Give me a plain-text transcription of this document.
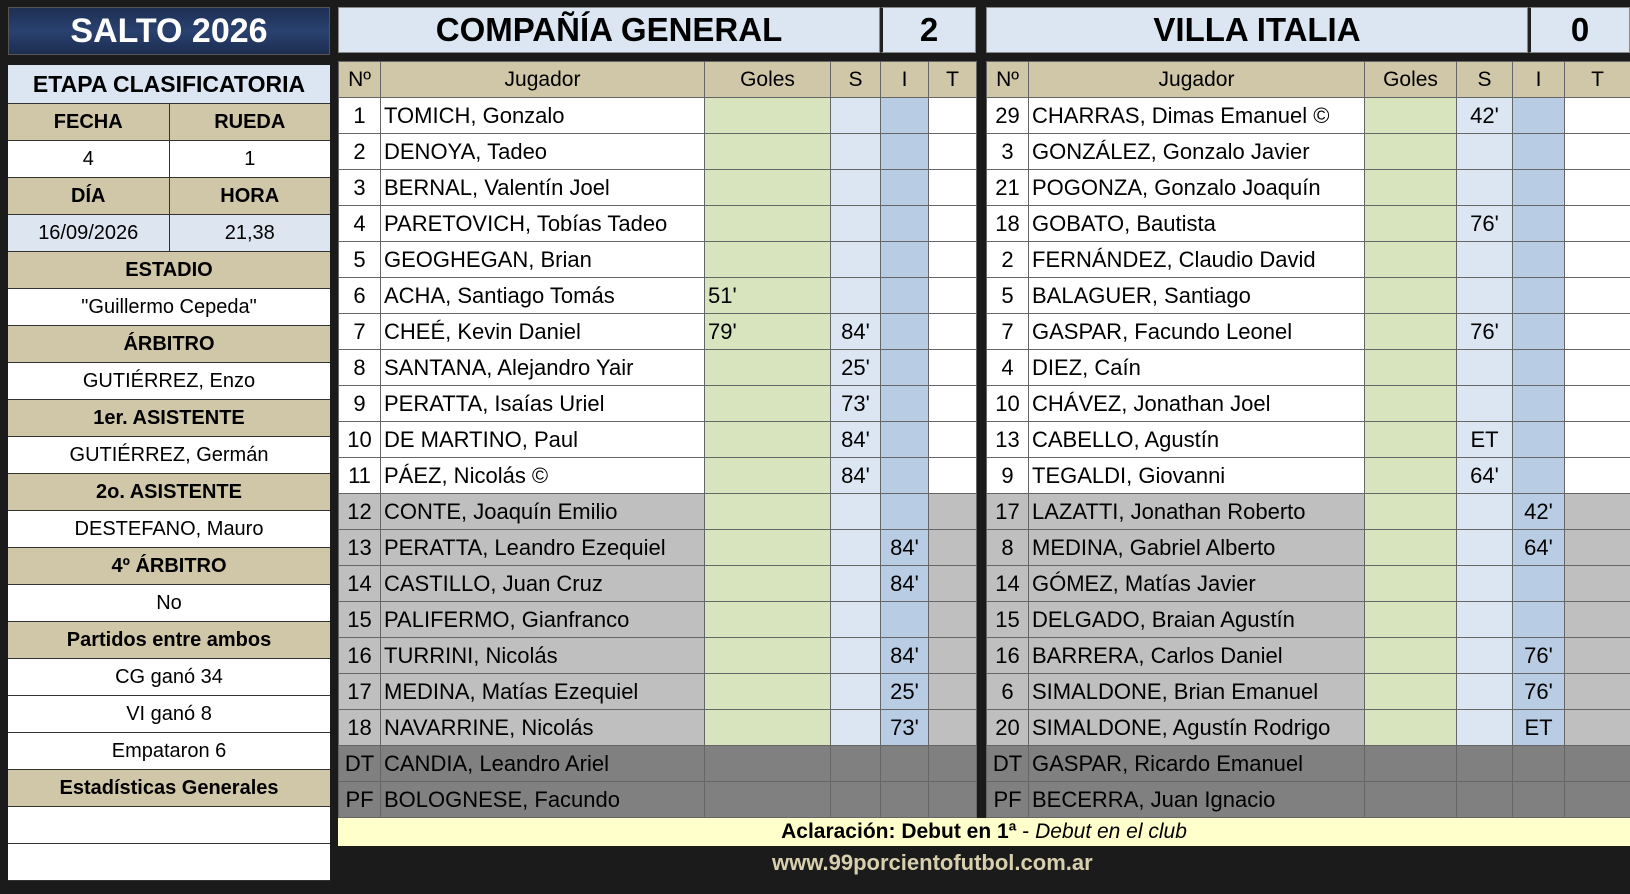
SALTO 2026
ETAPA CLASIFICATORIA
FECHA	RUEDA
4	1
DÍA	HORA
16/09/2026	21,38
ESTADIO
"Guillermo Cepeda"
ÁRBITRO
GUTIÉRREZ, Enzo
1er. ASISTENTE
GUTIÉRREZ, Germán
2o. ASISTENTE
DESTEFANO, Mauro
4º ÁRBITRO
No
Partidos entre ambos
CG ganó 34
VI ganó 8
Empataron 6
Estadísticas Generales
COMPAÑÍA GENERAL	2
Nº	Jugador	Goles	S	I	T
1	TOMICH, Gonzalo				
2	DENOYA, Tadeo				
3	BERNAL, Valentín Joel				
4	PARETOVICH, Tobías Tadeo				
5	GEOGHEGAN, Brian				
6	ACHA, Santiago Tomás	51'			
7	CHEÉ, Kevin Daniel	79'	84'		
8	SANTANA, Alejandro Yair		25'		
9	PERATTA, Isaías Uriel		73'		
10	DE MARTINO, Paul		84'		
11	PÁEZ, Nicolás ©		84'		
12	CONTE, Joaquín Emilio				
13	PERATTA, Leandro Ezequiel			84'	
14	CASTILLO, Juan Cruz			84'	
15	PALIFERMO, Gianfranco				
16	TURRINI, Nicolás			84'	
17	MEDINA, Matías Ezequiel			25'	
18	NAVARRINE, Nicolás			73'	
DT	CANDIA, Leandro Ariel				
PF	BOLOGNESE, Facundo				
VILLA ITALIA	0
Nº	Jugador	Goles	S	I	T
29	CHARRAS, Dimas Emanuel ©		42'		
3	GONZÁLEZ, Gonzalo Javier				
21	POGONZA, Gonzalo Joaquín				
18	GOBATO, Bautista		76'		
2	FERNÁNDEZ, Claudio David				
5	BALAGUER, Santiago				
7	GASPAR, Facundo Leonel		76'		
4	DIEZ, Caín				
10	CHÁVEZ, Jonathan Joel				
13	CABELLO, Agustín		ET		
9	TEGALDI, Giovanni		64'		
17	LAZATTI, Jonathan Roberto			42'	
8	MEDINA, Gabriel Alberto			64'	
14	GÓMEZ, Matías Javier				
15	DELGADO, Braian Agustín				
16	BARRERA, Carlos Daniel			76'	
6	SIMALDONE, Brian Emanuel			76'	
20	SIMALDONE, Agustín Rodrigo			ET	
DT	GASPAR, Ricardo Emanuel				
PF	BECERRA, Juan Ignacio				
Aclaración: Debut en 1ª - Debut en el club
S=Salió, I=Ingresó, T=Tarjetas	www.99porcientofutbol.com.ar
